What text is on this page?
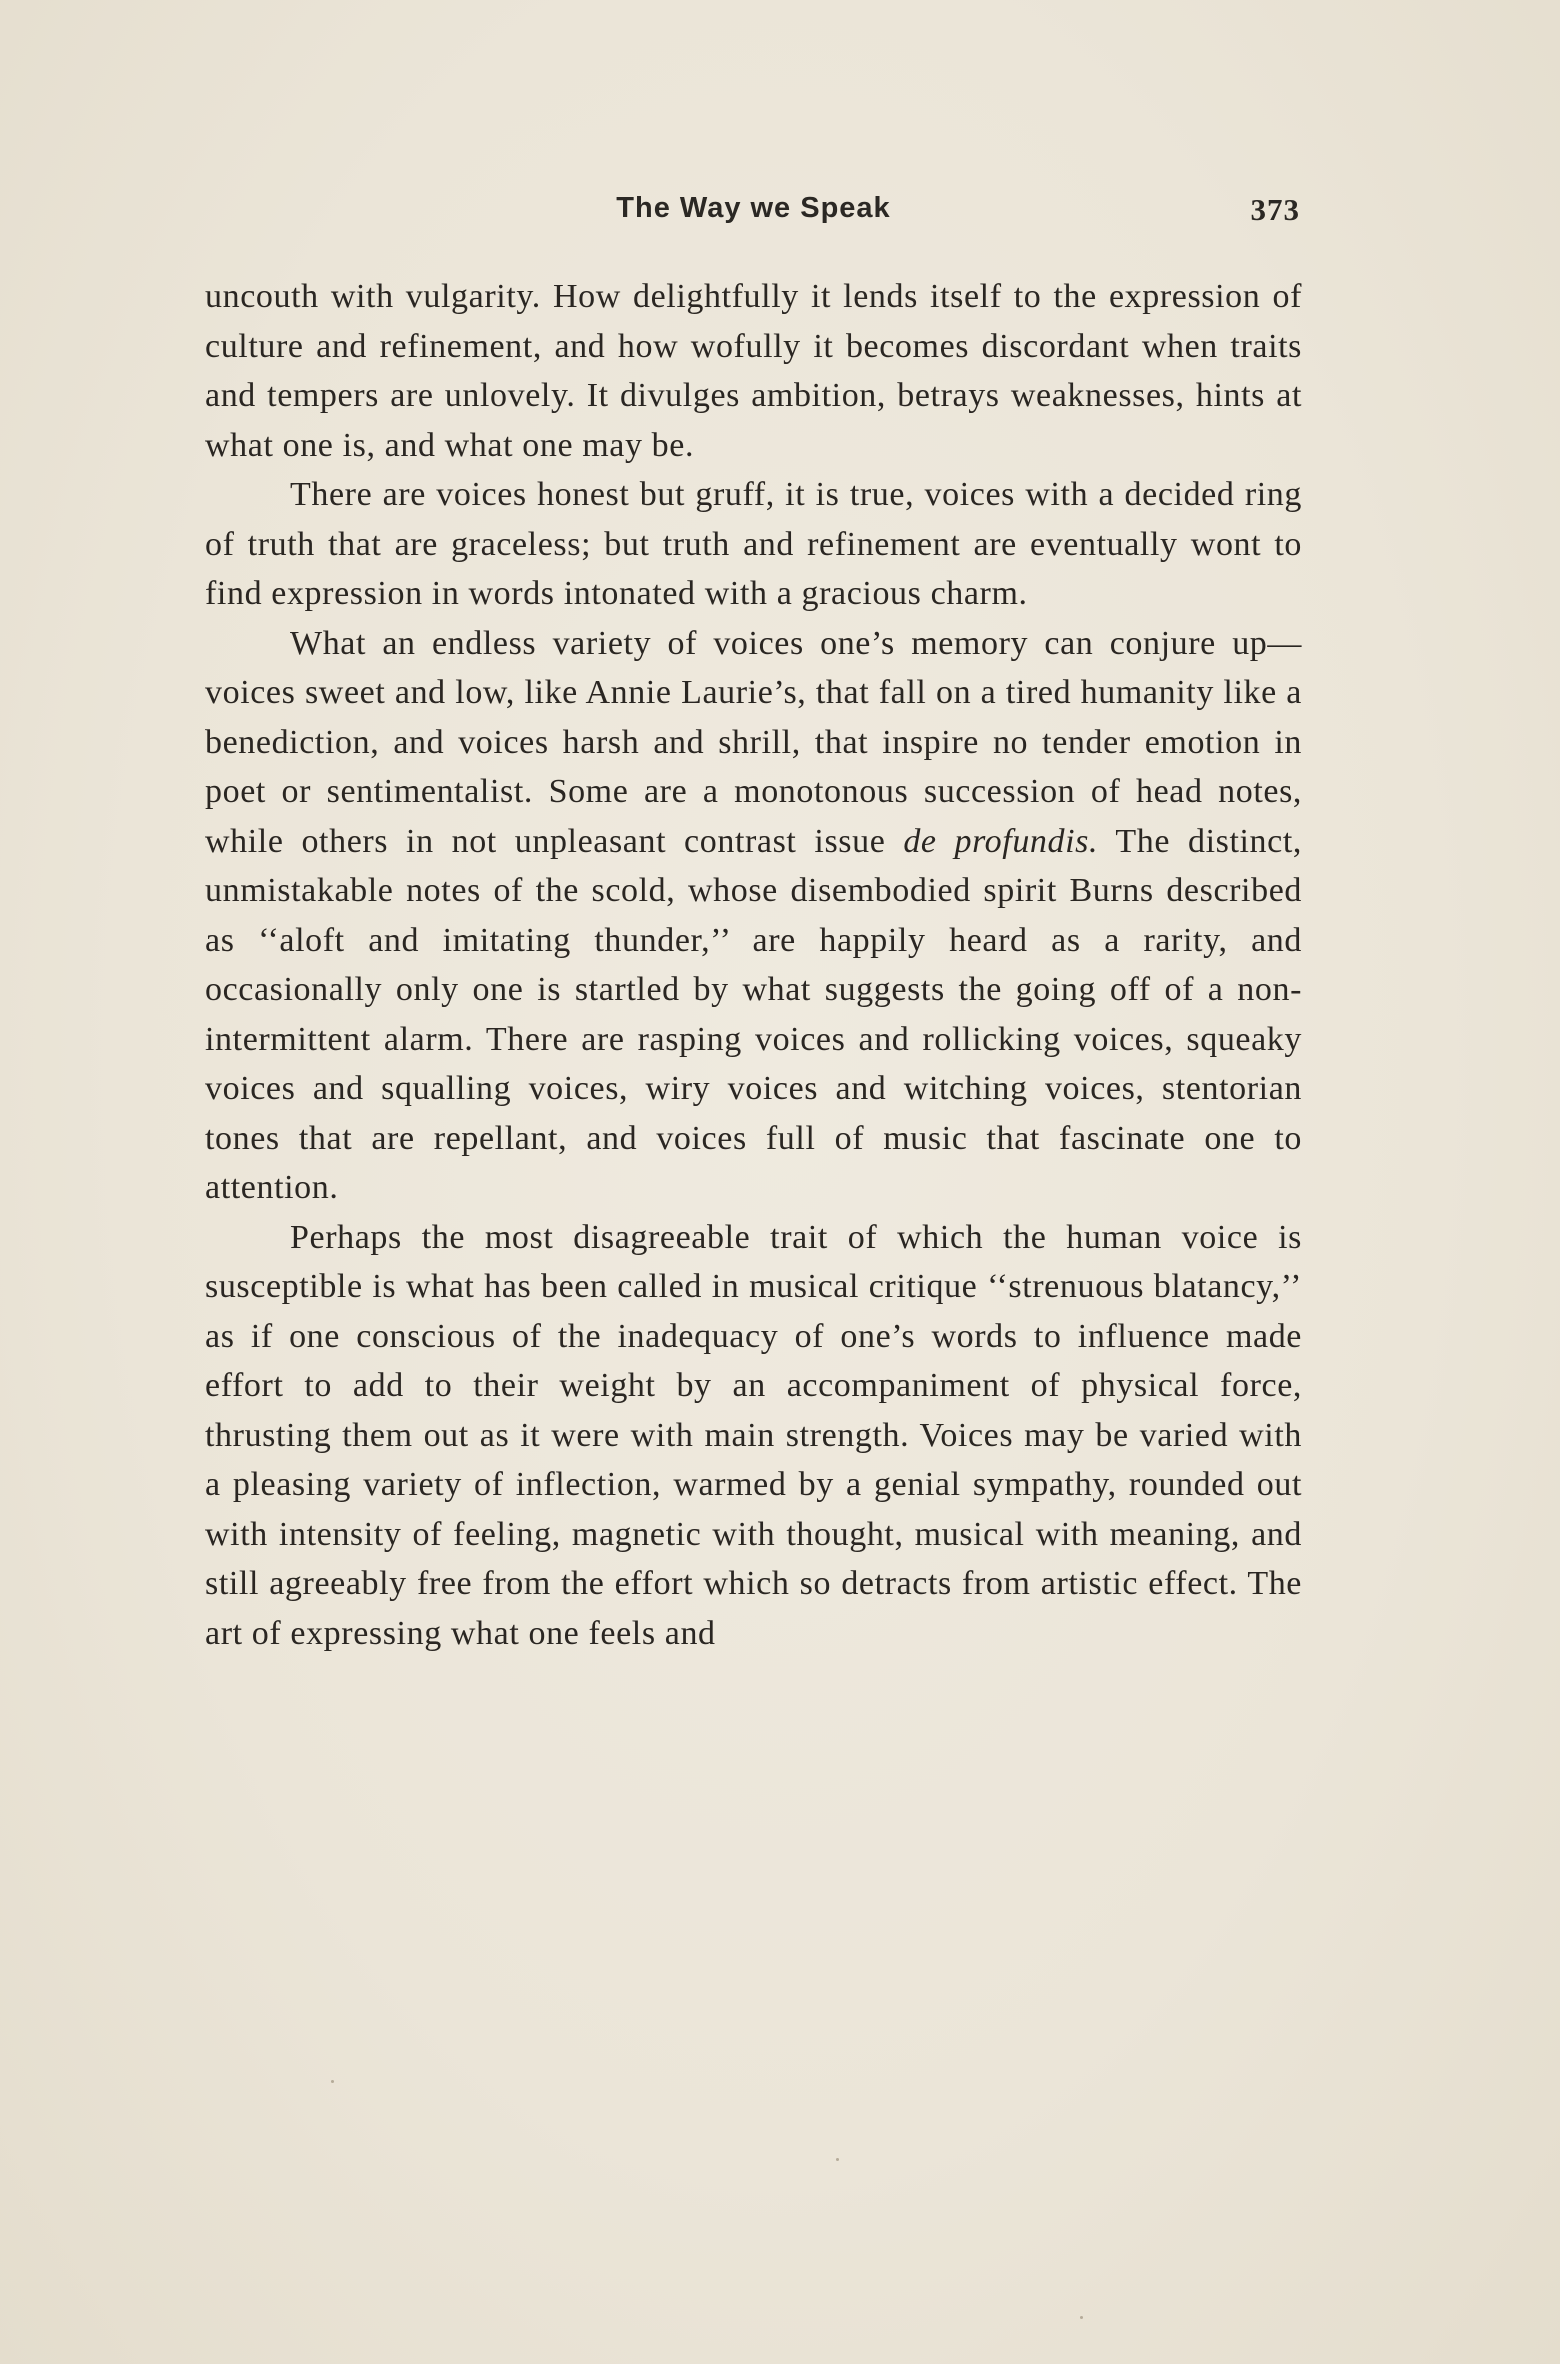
The Way we Speak	373

uncouth with vulgarity. How delightfully it lends itself to the expression of culture and refinement, and how wofully it becomes discordant when traits and tempers are unlovely. It divulges ambition, betrays weaknesses, hints at what one is, and what one may be.

There are voices honest but gruff, it is true, voices with a decided ring of truth that are graceless; but truth and refinement are eventually wont to find expression in words intonated with a gracious charm.

What an endless variety of voices one’s memory can conjure up—voices sweet and low, like Annie Laurie’s, that fall on a tired humanity like a benediction, and voices harsh and shrill, that inspire no tender emotion in poet or sentimentalist. Some are a monotonous succession of head notes, while others in not unpleasant contrast issue de profundis. The distinct, unmistakable notes of the scold, whose disembodied spirit Burns described as ‘‘aloft and imitating thunder,’’ are happily heard as a rarity, and occasionally only one is startled by what suggests the going off of a non-intermittent alarm. There are rasping voices and rollicking voices, squeaky voices and squalling voices, wiry voices and witching voices, stentorian tones that are repellant, and voices full of music that fascinate one to attention.

Perhaps the most disagreeable trait of which the human voice is susceptible is what has been called in musical critique ‘‘strenuous blatancy,’’ as if one conscious of the inadequacy of one’s words to influence made effort to add to their weight by an accompaniment of physical force, thrusting them out as it were with main strength. Voices may be varied with a pleasing variety of inflection, warmed by a genial sympathy, rounded out with intensity of feeling, magnetic with thought, musical with meaning, and still agreeably free from the effort which so detracts from artistic effect. The art of expressing what one feels and
